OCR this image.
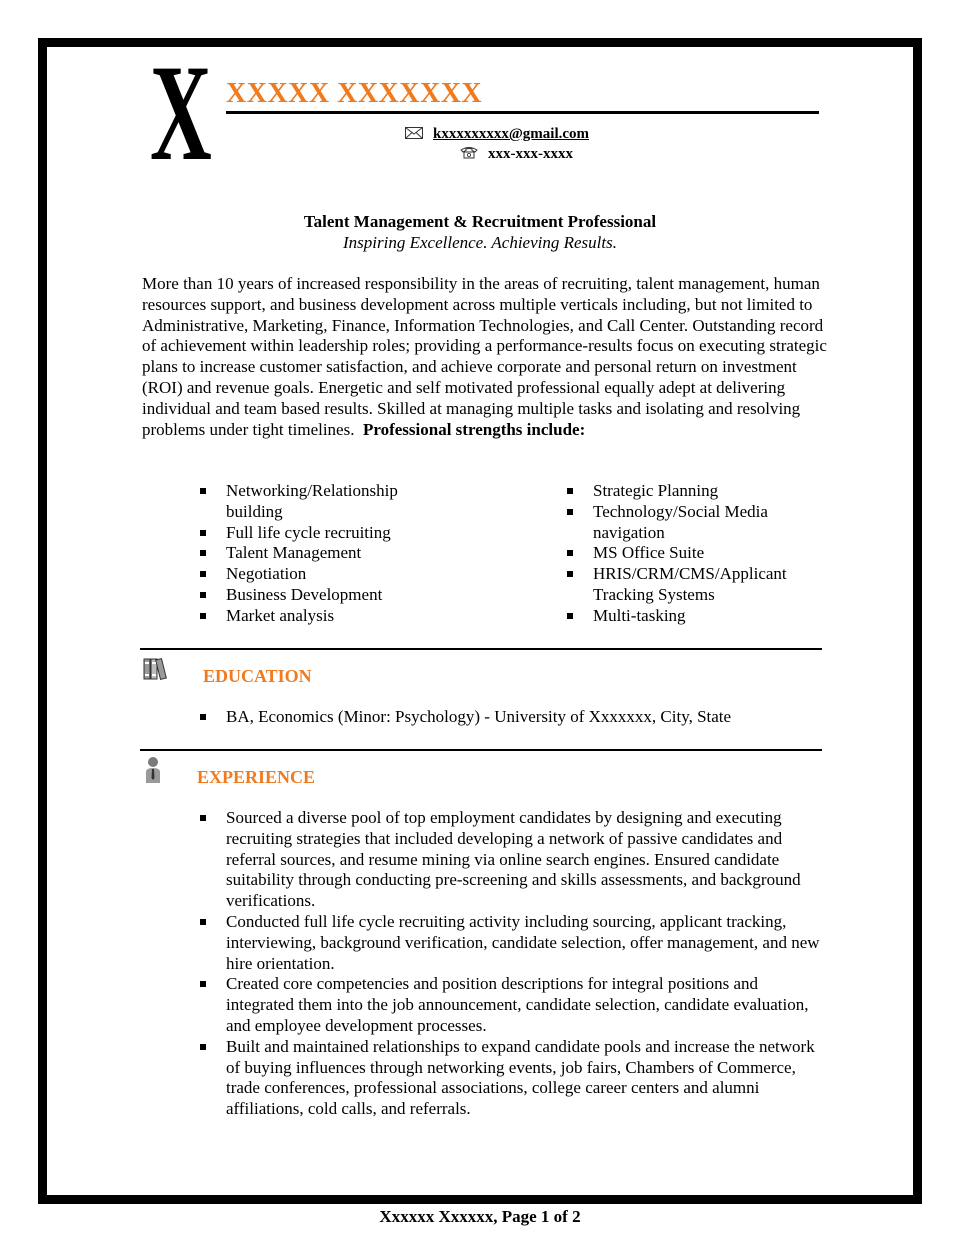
X XXXXX XXXXXXX
kxxxxxxxxx@gmail.com
xxx-xxx-xxxx
Talent Management & Recruitment Professional
Inspiring Excellence. Achieving Results.
More than 10 years of increased responsibility in the areas of recruiting, talent management, human resources support, and business development across multiple verticals including, but not limited to Administrative, Marketing, Finance, Information Technologies, and Call Center. Outstanding record of achievement within leadership roles; providing a performance-results focus on executing strategic plans to increase customer satisfaction, and achieve corporate and personal return on investment (ROI) and revenue goals. Energetic and self motivated professional equally adept at delivering individual and team based results. Skilled at managing multiple tasks and isolating and resolving problems under tight timelines. Professional strengths include:
Networking/Relationship building
Full life cycle recruiting
Talent Management
Negotiation
Business Development
Market analysis
Strategic Planning
Technology/Social Media navigation
MS Office Suite
HRIS/CRM/CMS/Applicant Tracking Systems
Multi-tasking
EDUCATION
BA, Economics (Minor: Psychology) - University of Xxxxxxx, City, State
EXPERIENCE
Sourced a diverse pool of top employment candidates by designing and executing recruiting strategies that included developing a network of passive candidates and referral sources, and resume mining via online search engines. Ensured candidate suitability through conducting pre-screening and skills assessments, and background verifications.
Conducted full life cycle recruiting activity including sourcing, applicant tracking, interviewing, background verification, candidate selection, offer management, and new hire orientation.
Created core competencies and position descriptions for integral positions and integrated them into the job announcement, candidate selection, candidate evaluation, and employee development processes.
Built and maintained relationships to expand candidate pools and increase the network of buying influences through networking events, job fairs, Chambers of Commerce, trade conferences, professional associations, college career centers and alumni affiliations, cold calls, and referrals.
Xxxxxx Xxxxxx, Page 1 of 2
